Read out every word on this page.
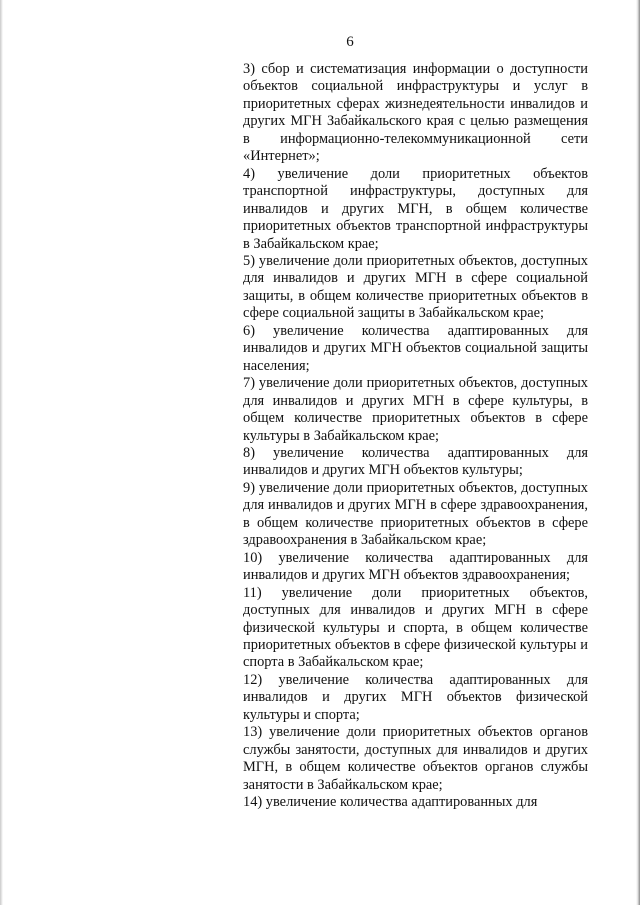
6

3) сбор и систематизация информации о доступности объектов социальной инфраструктуры и услуг в приоритетных сферах жизнедеятельности инвалидов и других МГН Забайкальского края с целью размещения в информационно-телекоммуникационной сети «Интернет»;

4) увеличение доли приоритетных объектов транспортной инфраструктуры, доступных для инвалидов и других МГН, в общем количестве приоритетных объектов транспортной инфраструктуры в Забайкальском крае;

5) увеличение доли приоритетных объектов, доступных для инвалидов и других МГН в сфере социальной защиты, в общем количестве приоритетных объектов в сфере социальной защиты в Забайкальском крае;

6) увеличение количества адаптированных для инвалидов и других МГН объектов социальной защиты населения;

7) увеличение доли приоритетных объектов, доступных для инвалидов и других МГН в сфере культуры, в общем количестве приоритетных объектов в сфере культуры в Забайкальском крае;

8) увеличение количества адаптированных для инвалидов и других МГН объектов культуры;

9) увеличение доли приоритетных объектов, доступных для инвалидов и других МГН в сфере здравоохранения, в общем количестве приоритетных объектов в сфере здравоохранения в Забайкальском крае;

10) увеличение количества адаптированных для инвалидов и других МГН объектов здравоохранения;

11) увеличение доли приоритетных объектов, доступных для инвалидов и других МГН в сфере физической культуры и спорта, в общем количестве приоритетных объектов в сфере физической культуры и спорта в Забайкальском крае;

12) увеличение количества адаптированных для инвалидов и других МГН объектов физической культуры и спорта;

13) увеличение доли приоритетных объектов органов службы занятости, доступных для инвалидов и других МГН, в общем количестве объектов органов службы занятости в Забайкальском крае;

14) увеличение количества адаптированных для
